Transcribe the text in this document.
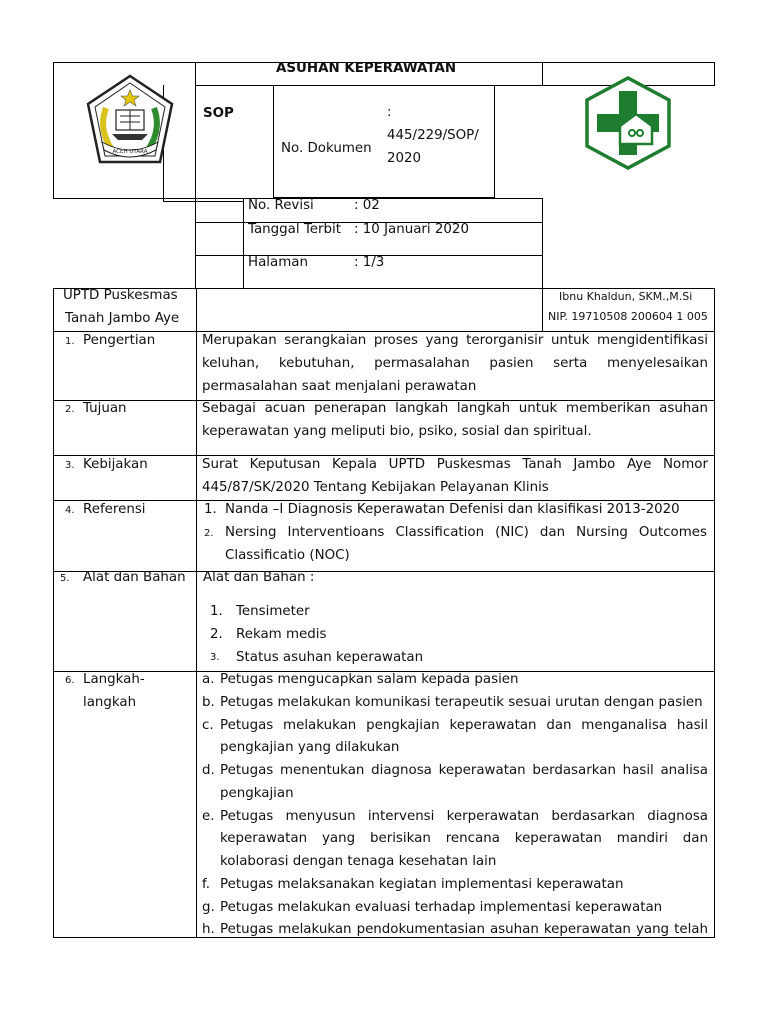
ACEH UTARA
ASUHAN KEPERAWATAN
SOP
No. Dokumen
:
445/229/SOP/
2020
No. Revisi	: 02
Tanggal Terbit : 10 Januari 2020
Halaman	: 1/3
UPTD Puskesmas
Tanah Jambo Aye
Ibnu Khaldun, SKM.,M.Si
NIP. 19710508 200604 1 005
1. Pengertian	Merupakan serangkaian proses yang terorganisir untuk mengidentifikasi keluhan, kebutuhan, permasalahan pasien serta menyelesaikan permasalahan saat menjalani perawatan
2. Tujuan	Sebagai acuan penerapan langkah langkah untuk memberikan asuhan keperawatan yang meliputi bio, psiko, sosial dan spiritual.
3. Kebijakan	Surat Keputusan Kepala UPTD Puskesmas Tanah Jambo Aye Nomor 445/87/SK/2020 Tentang Kebijakan Pelayanan Klinis
4. Referensi	1. Nanda –I Diagnosis Keperawatan Defenisi dan klasifikasi 2013-2020
2. Nersing Interventioans Classification (NIC) dan Nursing Outcomes
Classificatio (NOC)
5. Alat dan Bahan Alat dan Bahan :
1. Tensimeter
2. Rekam medis
3. Status asuhan keperawatan
6. Langkah-
langkah
a. Petugas mengucapkan salam kepada pasien
b. Petugas melakukan komunikasi terapeutik sesuai urutan dengan pasien
c. Petugas melakukan pengkajian keperawatan dan menganalisa hasil
pengkajian yang dilakukan
d. Petugas menentukan diagnosa keperawatan berdasarkan hasil analisa
pengkajian
e. Petugas menyusun intervensi kerperawatan berdasarkan diagnosa
keperawatan yang berisikan rencana keperawatan mandiri dan
kolaborasi dengan tenaga kesehatan lain
f. Petugas melaksanakan kegiatan implementasi keperawatan
g. Petugas melakukan evaluasi terhadap implementasi keperawatan
h. Petugas melakukan pendokumentasian asuhan keperawatan yang telah
